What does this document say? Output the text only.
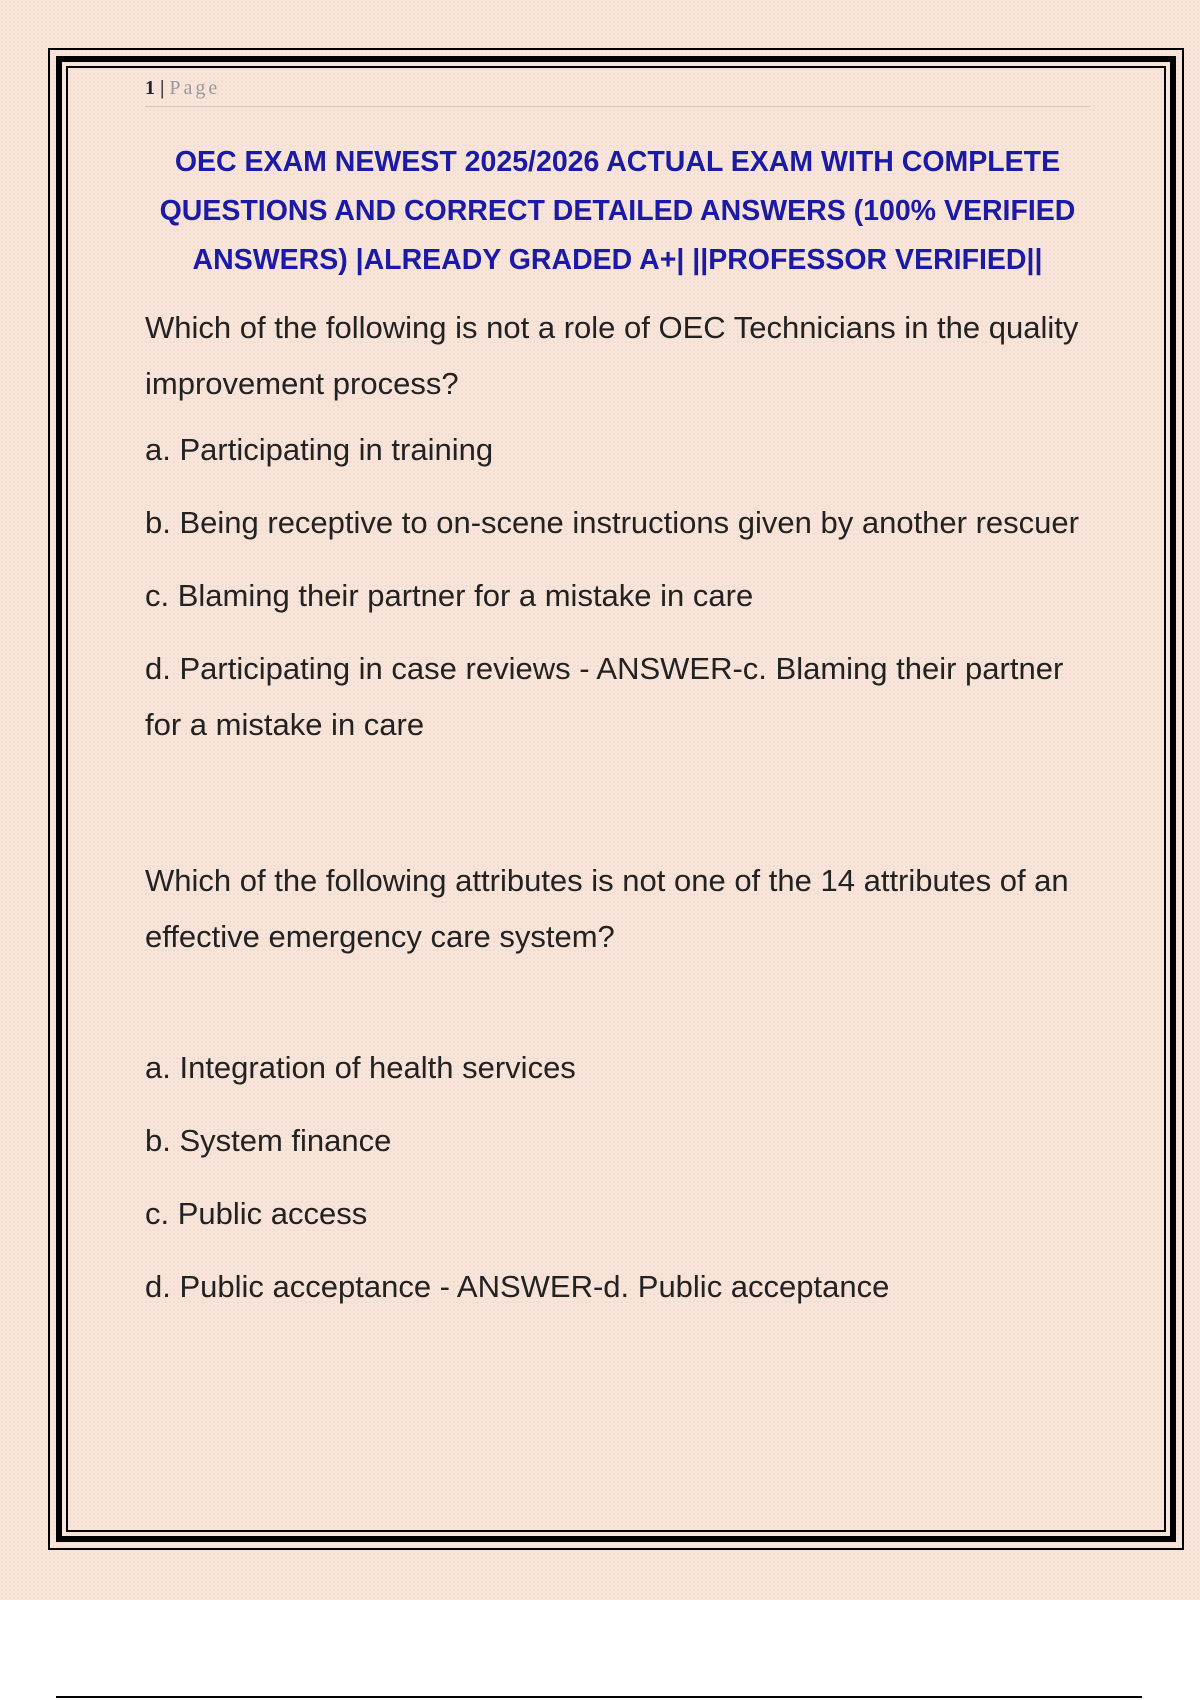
1 | Page
OEC EXAM NEWEST 2025/2026 ACTUAL EXAM WITH COMPLETE QUESTIONS AND CORRECT DETAILED ANSWERS (100% VERIFIED ANSWERS) |ALREADY GRADED A+| ||PROFESSOR VERIFIED||

Which of the following is not a role of OEC Technicians in the quality improvement process?

a. Participating in training

b. Being receptive to on-scene instructions given by another rescuer

c. Blaming their partner for a mistake in care

d. Participating in case reviews - ANSWER-c. Blaming their partner for a mistake in care

Which of the following attributes is not one of the 14 attributes of an effective emergency care system?

a. Integration of health services

b. System finance

c. Public access

d. Public acceptance - ANSWER-d. Public acceptance
